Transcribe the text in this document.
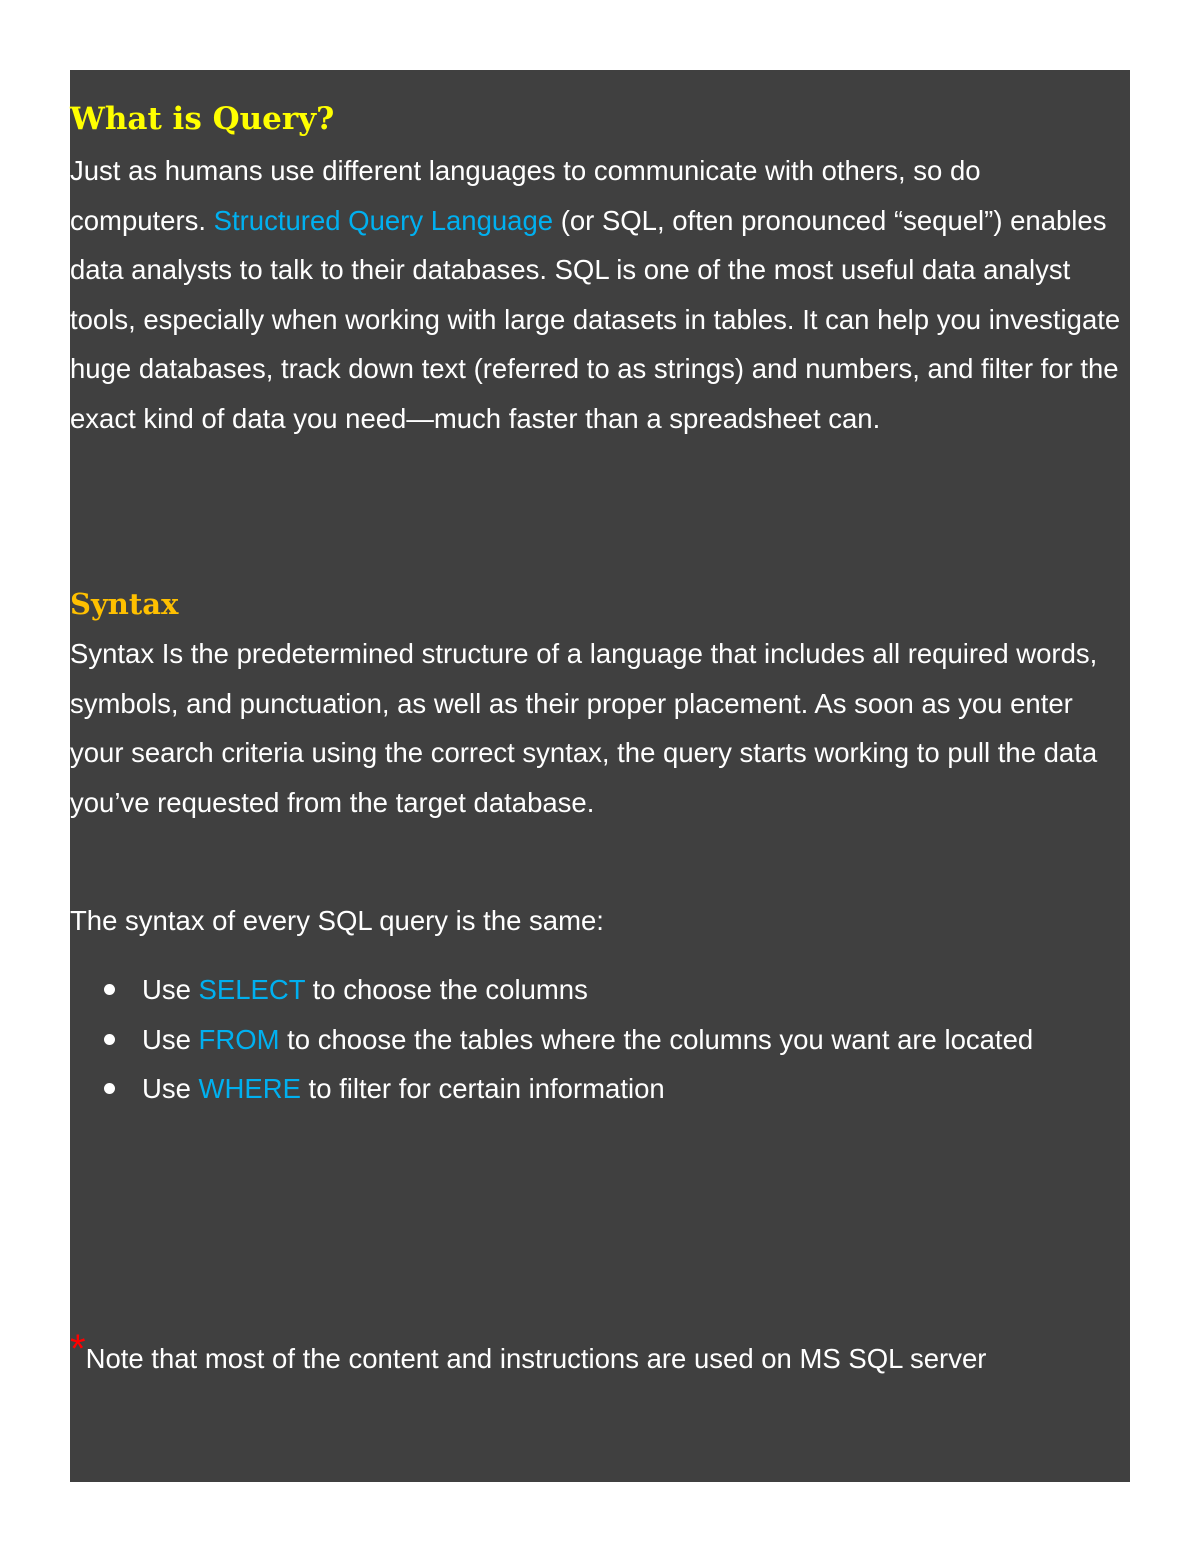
What is Query?

Just as humans use different languages to communicate with others, so do computers. Structured Query Language (or SQL, often pronounced “sequel”) enables data analysts to talk to their databases. SQL is one of the most useful data analyst tools, especially when working with large datasets in tables. It can help you investigate huge databases, track down text (referred to as strings) and numbers, and filter for the exact kind of data you need—much faster than a spreadsheet can.

Syntax

Syntax Is the predetermined structure of a language that includes all required words, symbols, and punctuation, as well as their proper placement. As soon as you enter your search criteria using the correct syntax, the query starts working to pull the data you’ve requested from the target database.

The syntax of every SQL query is the same:

Use SELECT to choose the columns
Use FROM to choose the tables where the columns you want are located
Use WHERE to filter for certain information

*Note that most of the content and instructions are used on MS SQL server
